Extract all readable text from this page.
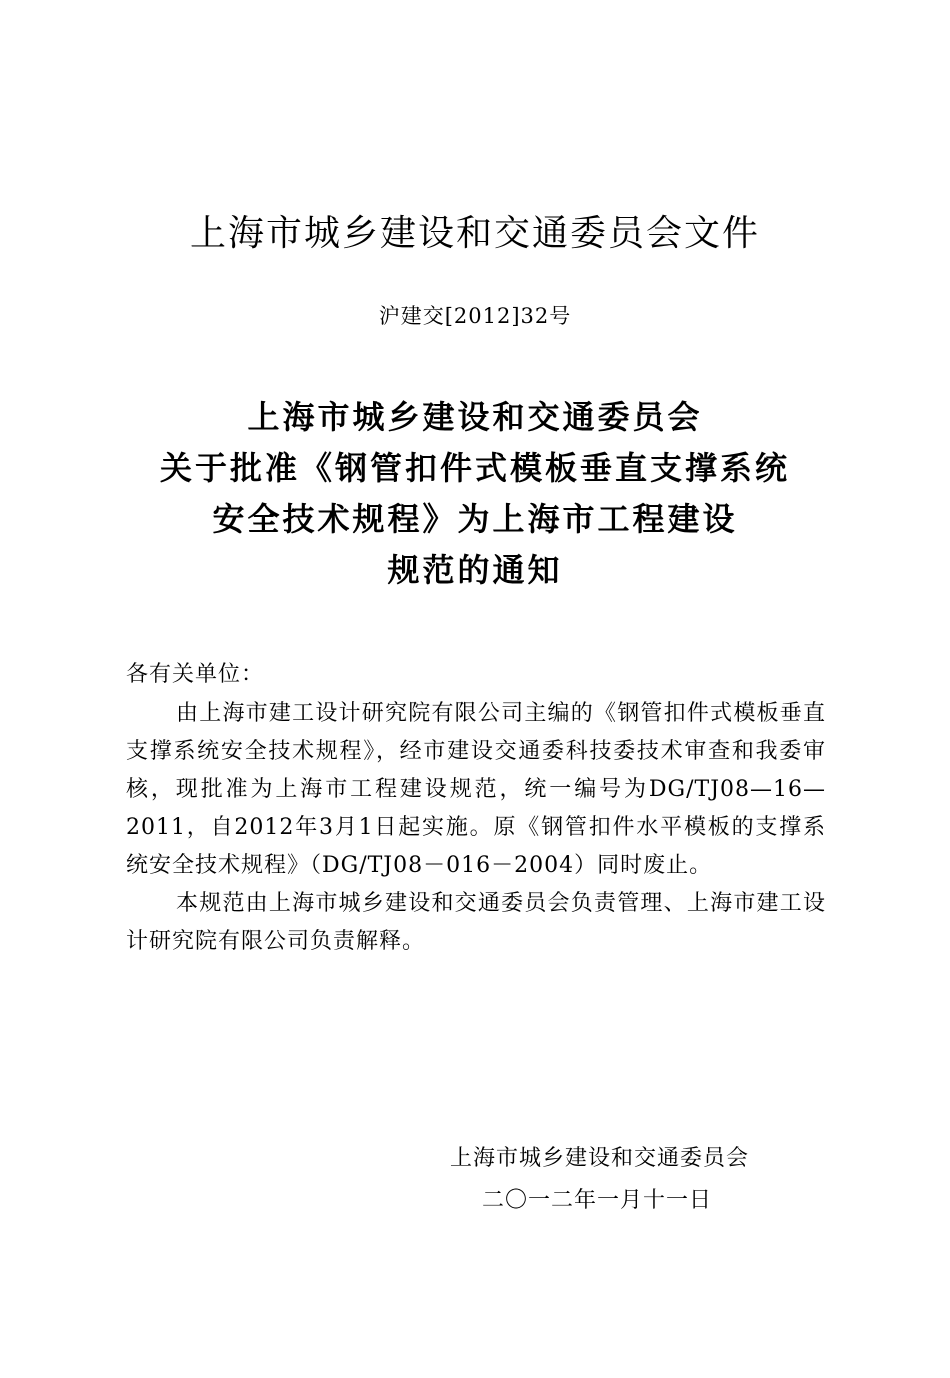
上海市城乡建设和交通委员会文件
沪建交[2012]32号
上海市城乡建设和交通委员会
关于批准《钢管扣件式模板垂直支撑系统
安全技术规程》为上海市工程建设
规范的通知
各有关单位：

由上海市建工设计研究院有限公司主编的《钢管扣件式模板垂直支撑系统安全技术规程》，经市建设交通委科技委技术审查和我委审核，现批准为上海市工程建设规范，统一编号为DG/TJ08—16—2011，自2012年3月1日起实施。原《钢管扣件水平模板的支撑系统安全技术规程》（DG/TJ08－016－2004）同时废止。

本规范由上海市城乡建设和交通委员会负责管理、上海市建工设计研究院有限公司负责解释。

上海市城乡建设和交通委员会
二〇一二年一月十一日
